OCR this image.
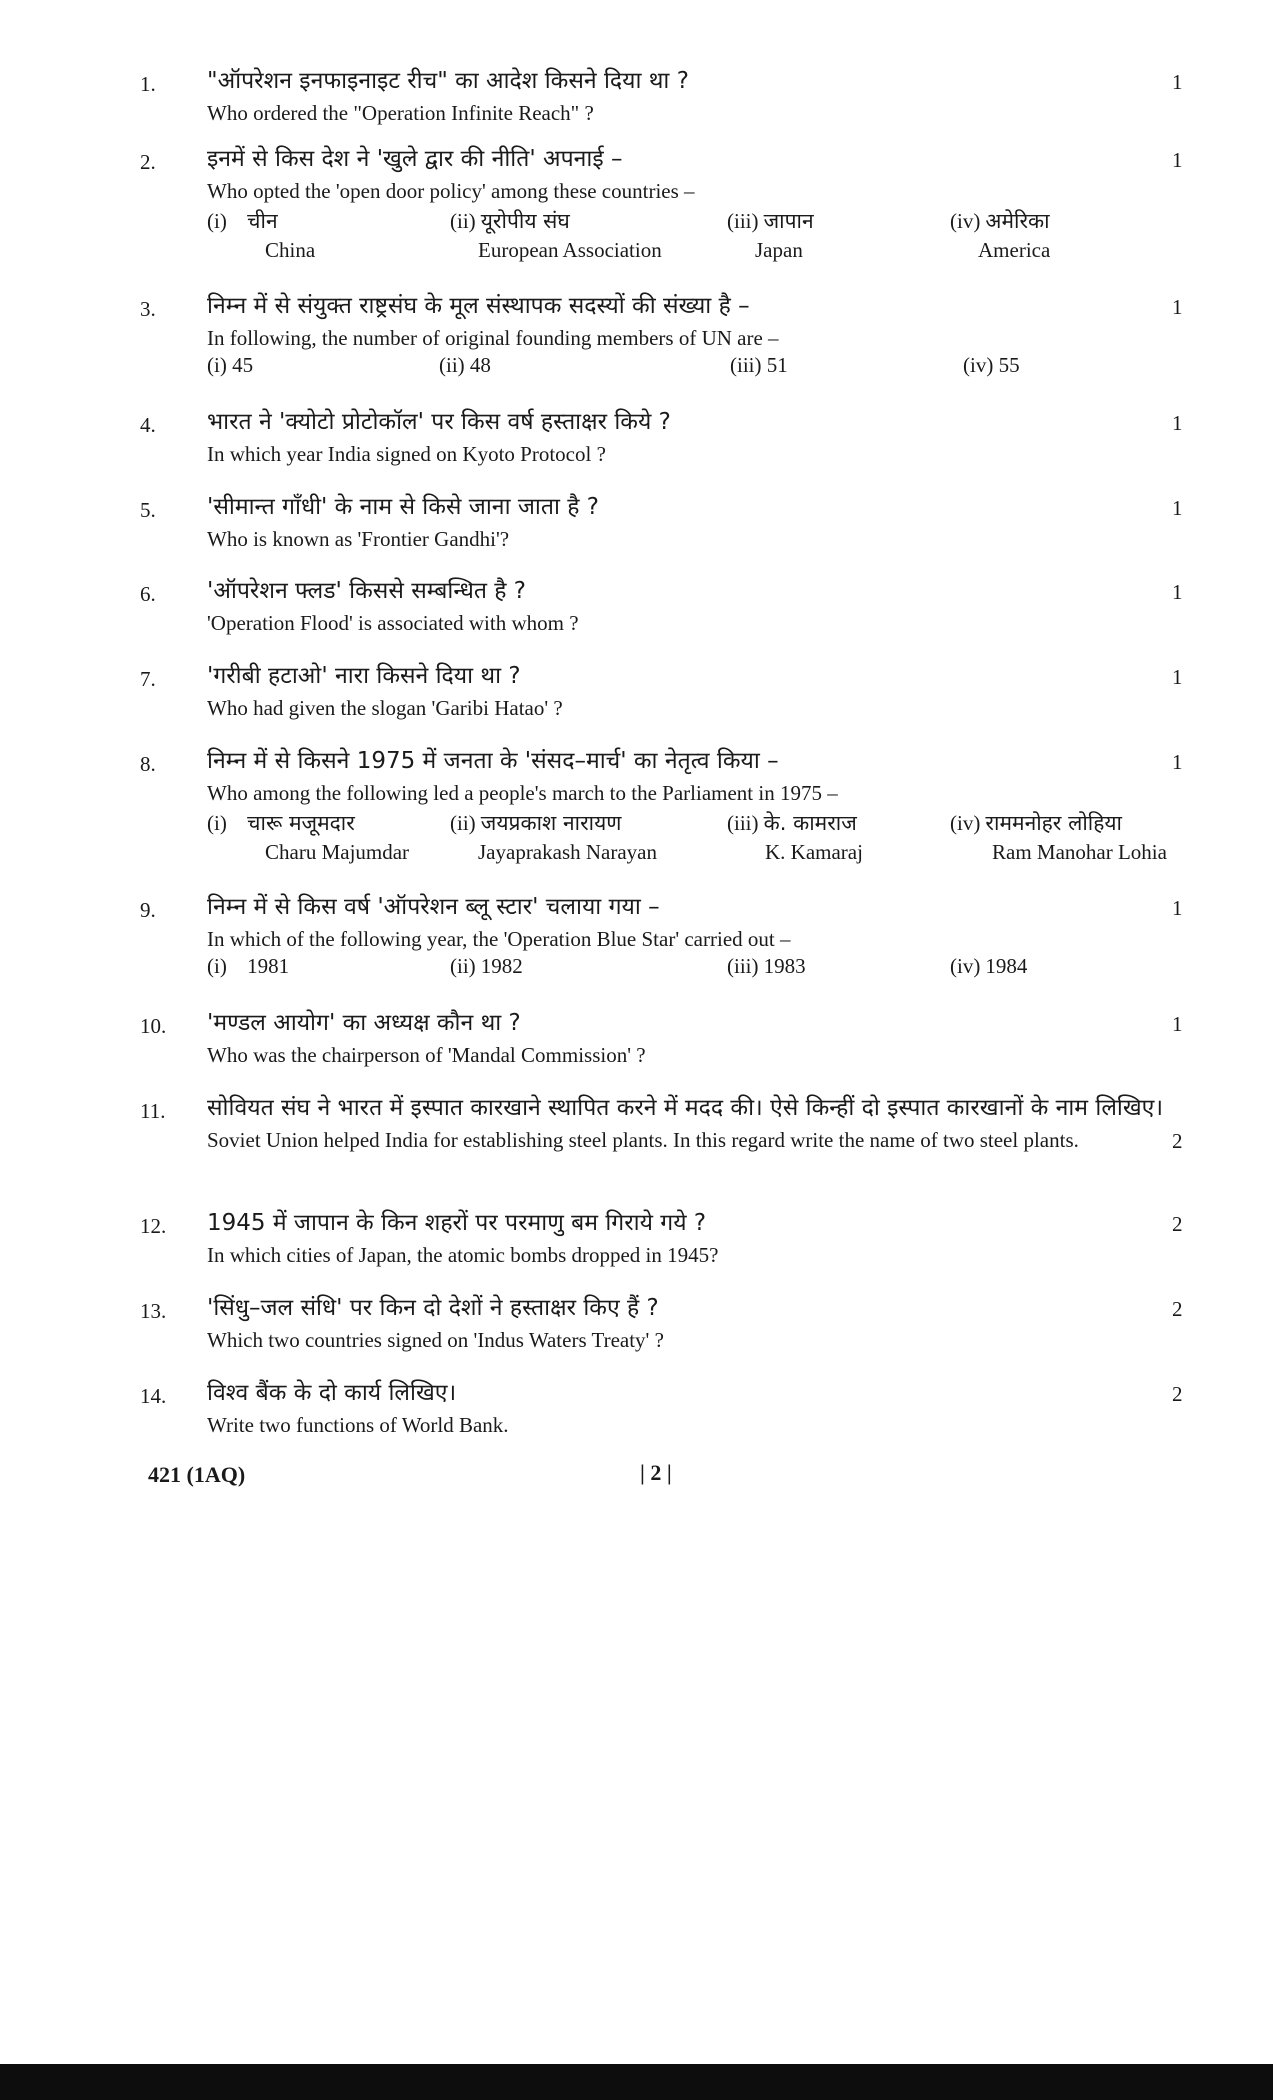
1. "ऑपरेशन इनफाइनाइट रीच" का आदेश किसने दिया था ?
Who ordered the "Operation Infinite Reach" ?
1
2. इनमें से किस देश ने 'खुले द्वार की नीति' अपनाई –
Who opted the 'open door policy' among these countries –
(i) चीन
China
(ii) यूरोपीय संघ
European Association
(iii) जापान
Japan
(iv) अमेरिका
America
1
3. निम्न में से संयुक्त राष्ट्रसंघ के मूल संस्थापक सदस्यों की संख्या है –
In following, the number of original founding members of UN are –
(i) 45	(ii) 48	(iii) 51	(iv) 55
1
4. भारत ने 'क्योटो प्रोटोकॉल' पर किस वर्ष हस्ताक्षर किये ?
In which year India signed on Kyoto Protocol ?
1
5. 'सीमान्त गाँधी' के नाम से किसे जाना जाता है ?
Who is known as 'Frontier Gandhi'?
1
6. 'ऑपरेशन फ्लड' किससे सम्बन्धित है ?
'Operation Flood' is associated with whom ?
1
7. 'गरीबी हटाओ' नारा किसने दिया था ?
Who had given the slogan 'Garibi Hatao' ?
1
8. निम्न में से किसने 1975 में जनता के 'संसद–मार्च' का नेतृत्व किया –
Who among the following led a people's march to the Parliament in 1975 –
(i) चारू मजूमदार
Charu Majumdar
(ii) जयप्रकाश नारायण
Jayaprakash Narayan
(iii) के. कामराज
K. Kamaraj
(iv) राममनोहर लोहिया
Ram Manohar Lohia
1
9. निम्न में से किस वर्ष 'ऑपरेशन ब्लू स्टार' चलाया गया –
In which of the following year, the 'Operation Blue Star' carried out –
(i) 1981	(ii) 1982	(iii) 1983	(iv) 1984
1
10. 'मण्डल आयोग' का अध्यक्ष कौन था ?
Who was the chairperson of 'Mandal Commission' ?
1
11. सोवियत संघ ने भारत में इस्पात कारखाने स्थापित करने में मदद की। ऐसे किन्हीं दो इस्पात कारखानों के नाम लिखिए।
Soviet Union helped India for establishing steel plants. In this regard write the name of two steel plants.	2
12. 1945 में जापान के किन शहरों पर परमाणु बम गिराये गये ?
In which cities of Japan, the atomic bombs dropped in 1945?
2
13. 'सिंधु–जल संधि' पर किन दो देशों ने हस्ताक्षर किए हैं ?
Which two countries signed on 'Indus Waters Treaty' ?
2
14. विश्व बैंक के दो कार्य लिखिए।
Write two functions of World Bank.
2
421 (1AQ)	| 2 |
